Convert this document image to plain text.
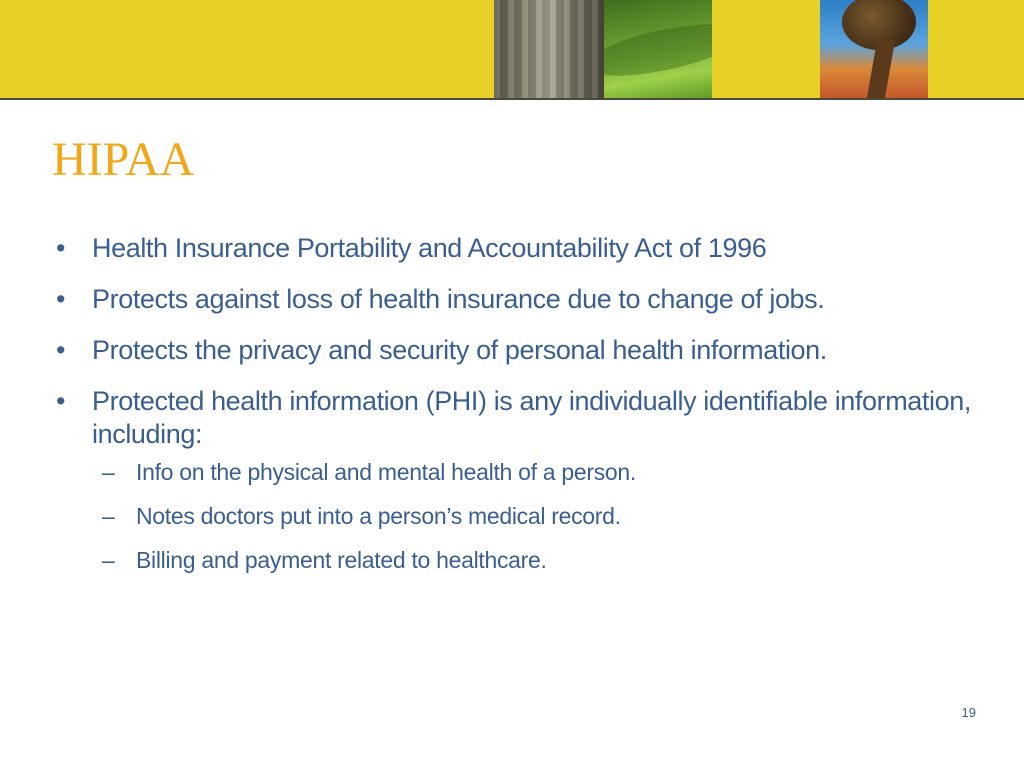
HIPAA
• Health Insurance Portability and Accountability Act of 1996
• Protects against loss of health insurance due to change of jobs.
• Protects the privacy and security of personal health information.
• Protected health information (PHI) is any individually identifiable information, including:
– Info on the physical and mental health of a person.
– Notes doctors put into a person’s medical record.
– Billing and payment related to healthcare.
19
